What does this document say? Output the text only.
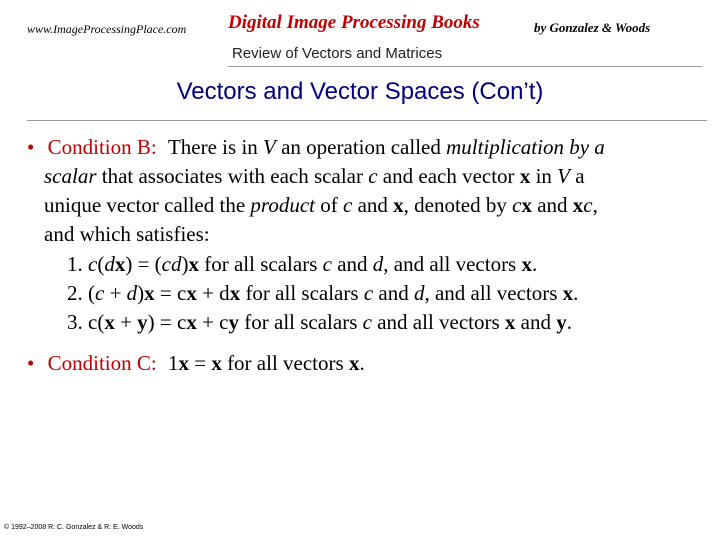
www.ImageProcessingPlace.com Digital Image Processing Books	by Gonzalez & Woods
Review of Vectors and Matrices
Vectors and Vector Spaces (Con’t)
• Condition B: There is in V an operation called multiplication by a
scalar that associates with each scalar c and each vector x in V a
unique vector called the product of c and x, denoted by cx and xc,
and which satisfies:
1. c(dx) = (cd)x for all scalars c and d, and all vectors x.
2. (c + d)x = cx + dx for all scalars c and d, and all vectors x.
3. c(x + y) = cx + cy for all scalars c and all vectors x and y.
• Condition C: 1x = x for all vectors x.
© 1992–2008 R. C. Gonzalez & R. E. Woods
